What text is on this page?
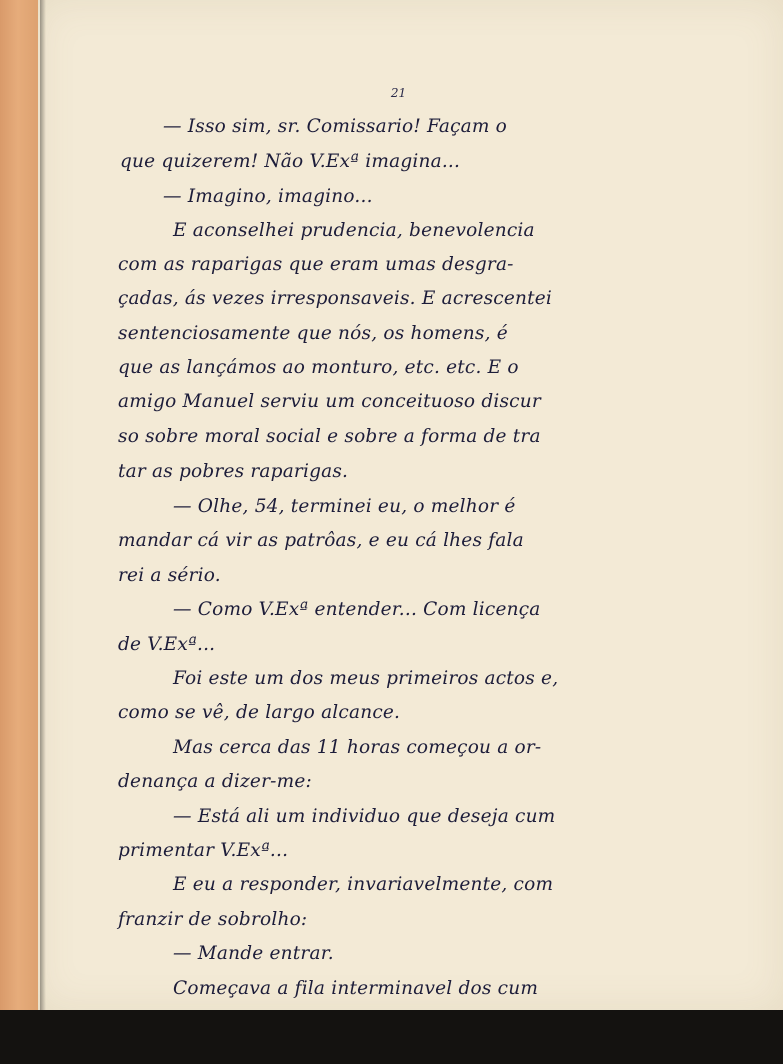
21
— Isso sim, sr. Comissario! Façam o
que quizerem! Não V.Exª imagina...
— Imagino, imagino...
E aconselhei prudencia, benevolencia
com as raparigas que eram umas desgra-
çadas, ás vezes irresponsaveis. E acrescentei
sentenciosamente que nós, os homens, é
que as lançámos ao monturo, etc. etc. E o
amigo Manuel serviu um conceituoso discur
so sobre moral social e sobre a forma de tra
tar as pobres raparigas.
— Olhe, 54, terminei eu, o melhor é
mandar cá vir as patrôas, e eu cá lhes fala
rei a sério.
— Como V.Exª entender... Com licença
de V.Exª...
Foi este um dos meus primeiros actos e,
como se vê, de largo alcance.
Mas cerca das 11 horas começou a or-
denança a dizer-me:
— Está ali um individuo que deseja cum
primentar V.Exª...
E eu a responder, invariavelmente, com
franzir de sobrolho:
— Mande entrar.
Começava a fila interminavel dos cum
